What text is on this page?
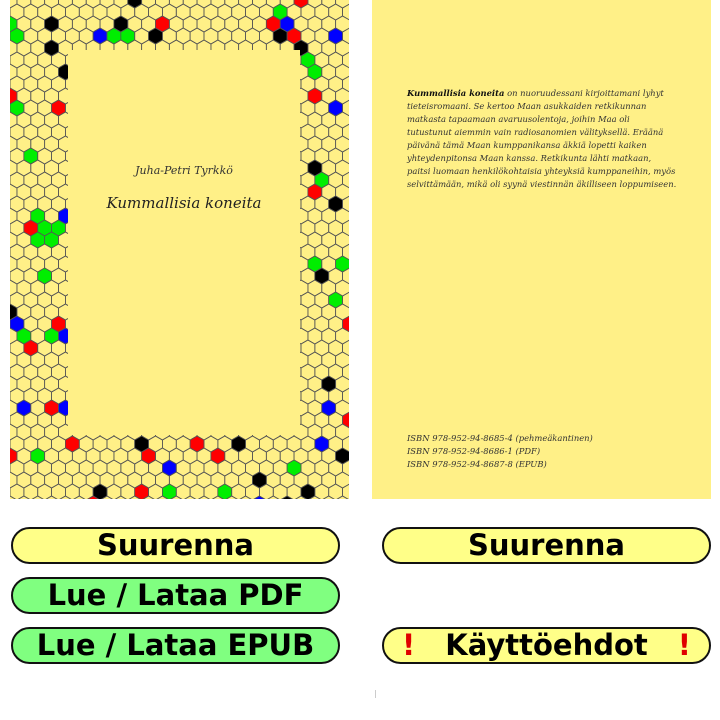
Juha-Petri Tyrkkö
Kummallisia koneita
Kummallisia koneita on nuoruudessani kirjoittamani lyhyt tieteisromaani. Se kertoo Maan asukkaiden retkikunnan matkasta tapaamaan avaruusolentoja, joihin Maa oli tutustunut aiemmin vain radiosanomien välityksellä. Eräänä päivänä tämä Maan kumppanikansa äkkiä lopetti kaiken yhteydenpitonsa Maan kanssa. Retkikunta lähti matkaan, paitsi luomaan henkilökohtaisia yhteyksiä kumppaneihin, myös selvittämään, mikä oli syynä viestinnän äkilliseen loppumiseen.
ISBN 978-952-94-8685-4 (pehmeäkantinen)
ISBN 978-952-94-8686-1 (PDF)
ISBN 978-952-94-8687-8 (EPUB)
Suurenna
Lue / Lataa PDF
Lue / Lataa EPUB
Suurenna
! Käyttöehdot !
